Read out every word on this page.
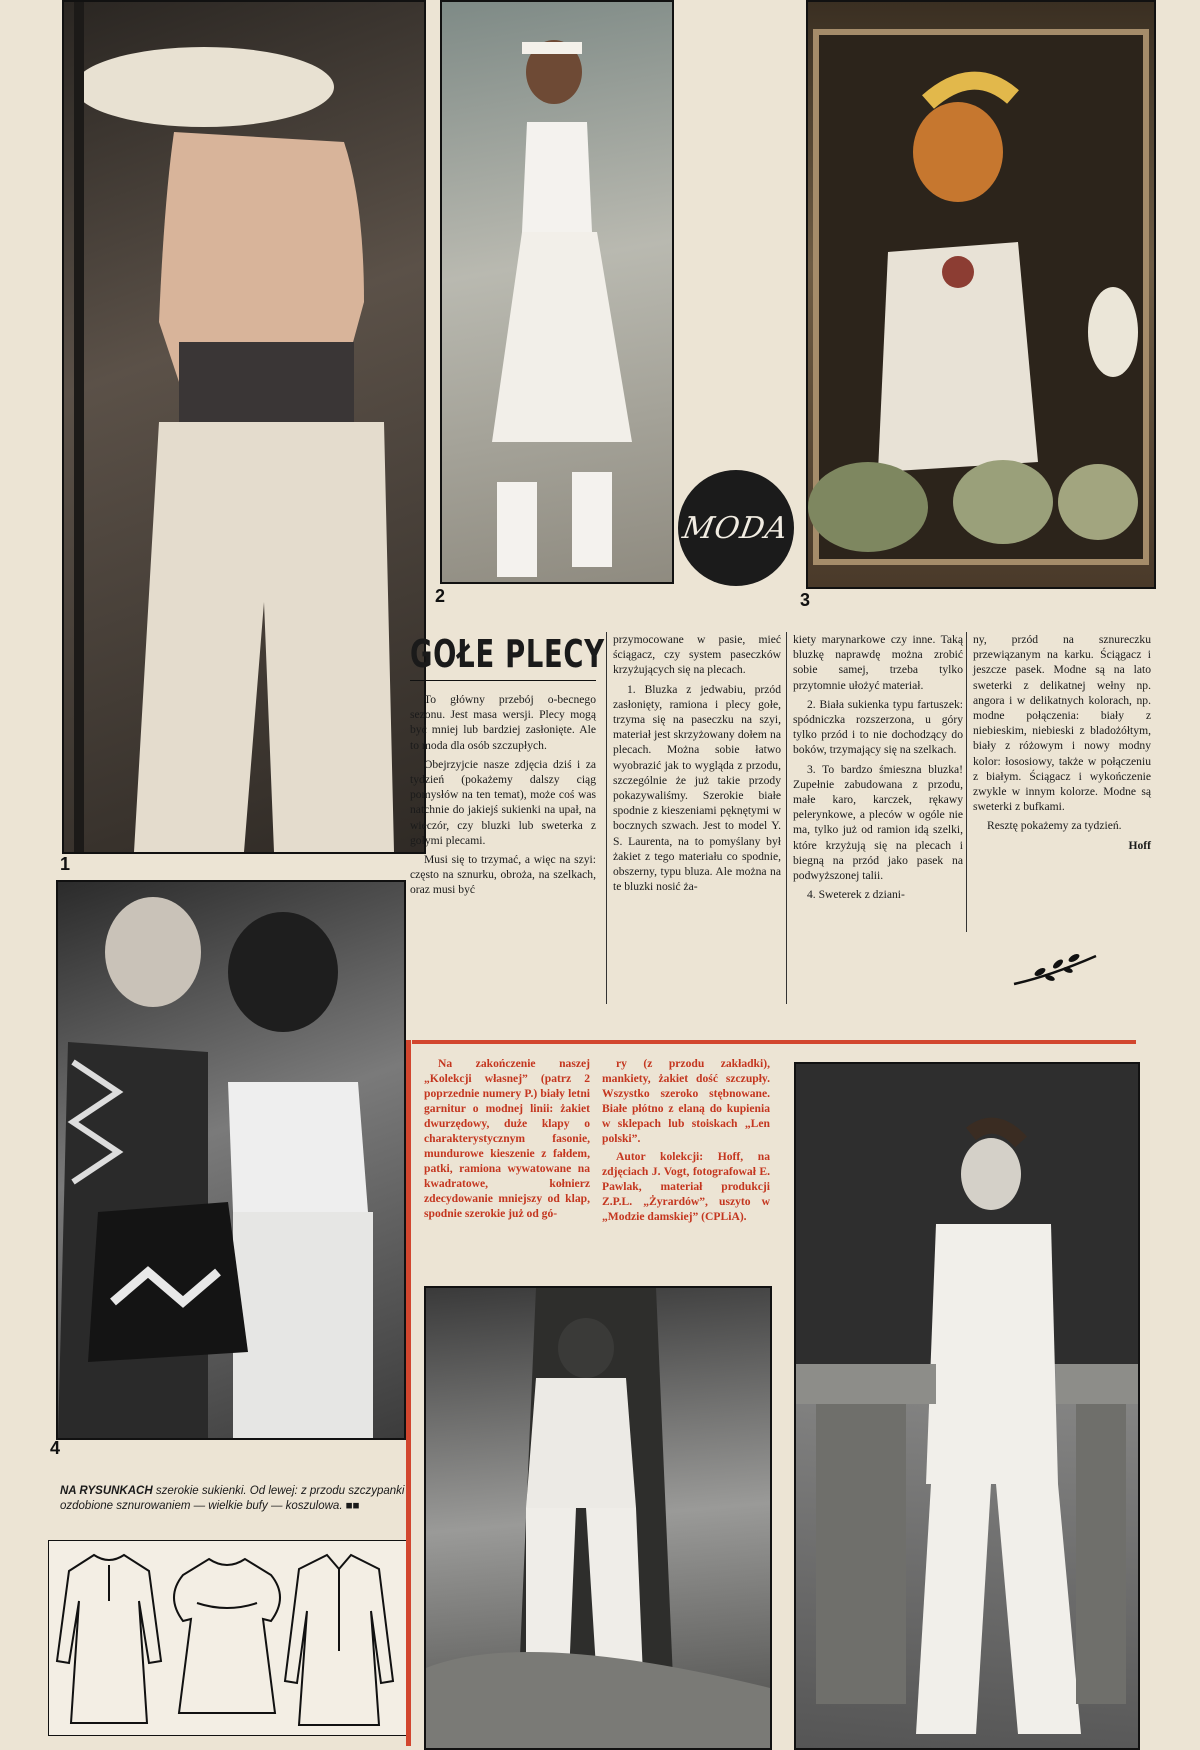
1
2
MODA
3
GOŁE PLECY

To główny przebój o-becnego sezonu. Jest masa wersji. Plecy mogą być mniej lub bardziej zasłonięte. Ale to moda dla osób szczupłych.

Obejrzyjcie nasze zdjęcia dziś i za tydzień (pokażemy dalszy ciąg pomysłów na ten temat), może coś was natchnie do jakiejś sukienki na upał, na wieczór, czy bluzki lub sweterka z gołymi plecami.

Musi się to trzymać, a więc na szyi: często na sznurku, obroża, na szelkach, oraz musi być

przymocowane w pasie, mieć ściągacz, czy system paseczków krzyżujących się na plecach.

1. Bluzka z jedwabiu, przód zasłonięty, ramiona i plecy gołe, trzyma się na paseczku na szyi, materiał jest skrzyżowany dołem na plecach. Można sobie łatwo wyobrazić jak to wygląda z przodu, szczególnie że już takie przody pokazywaliśmy. Szerokie białe spodnie z kieszeniami pęknętymi w bocznych szwach. Jest to model Y. S. Laurenta, na to pomyślany był żakiet z tego materiału co spodnie, obszerny, typu bluza. Ale można na te bluzki nosić ża-

kiety marynarkowe czy inne. Taką bluzkę naprawdę można zrobić sobie samej, trzeba tylko przytomnie ułożyć materiał.

2. Biała sukienka typu fartuszek: spódniczka rozszerzona, u góry tylko przód i to nie dochodzący do boków, trzymający się na szelkach.

3. To bardzo śmieszna bluzka! Zupełnie zabudowana z przodu, małe karo, karczek, rękawy pelerynkowe, a pleców w ogóle nie ma, tylko już od ramion idą szelki, które krzyżują się na plecach i biegną na przód jako pasek na podwyższonej talii.

4. Sweterek z dziani-

ny, przód na sznureczku przewiązanym na karku. Ściągacz i jeszcze pasek. Modne są na lato sweterki z delikatnej wełny np. angora i w delikatnych kolorach, np. modne połączenia: biały z niebieskim, niebieski z bladożółtym, biały z różowym i nowy modny kolor: łososiowy, także w połączeniu z białym. Ściągacz i wykończenie zwykle w innym kolorze. Modne są sweterki z bufkami.

Resztę pokażemy za tydzień.

Hoff
4
NA RYSUNKACH szerokie sukienki. Od lewej: z przodu szczypanki ozdobione sznurowaniem — wielkie bufy — koszulowa. ■■

Na zakończenie naszej „Kolekcji własnej” (patrz 2 poprzednie numery P.) biały letni garnitur o modnej linii: żakiet dwurzędowy, duże klapy o charakterystycznym fasonie, mundurowe kieszenie z fałdem, patki, ramiona wywatowane na kwadratowe, kołnierz zdecydowanie mniejszy od klap, spodnie szerokie już od gó-

ry (z przodu zakładki), mankiety, żakiet dość szczupły. Wszystko szeroko stębnowane. Białe płótno z elaną do kupienia w sklepach lub stoiskach „Len polski”.

Autor kolekcji: Hoff, na zdjęciach J. Vogt, fotografował E. Pawlak, materiał produkcji Z.P.L. „Żyrardów”, uszyto w „Modzie damskiej” (CPLiA).
